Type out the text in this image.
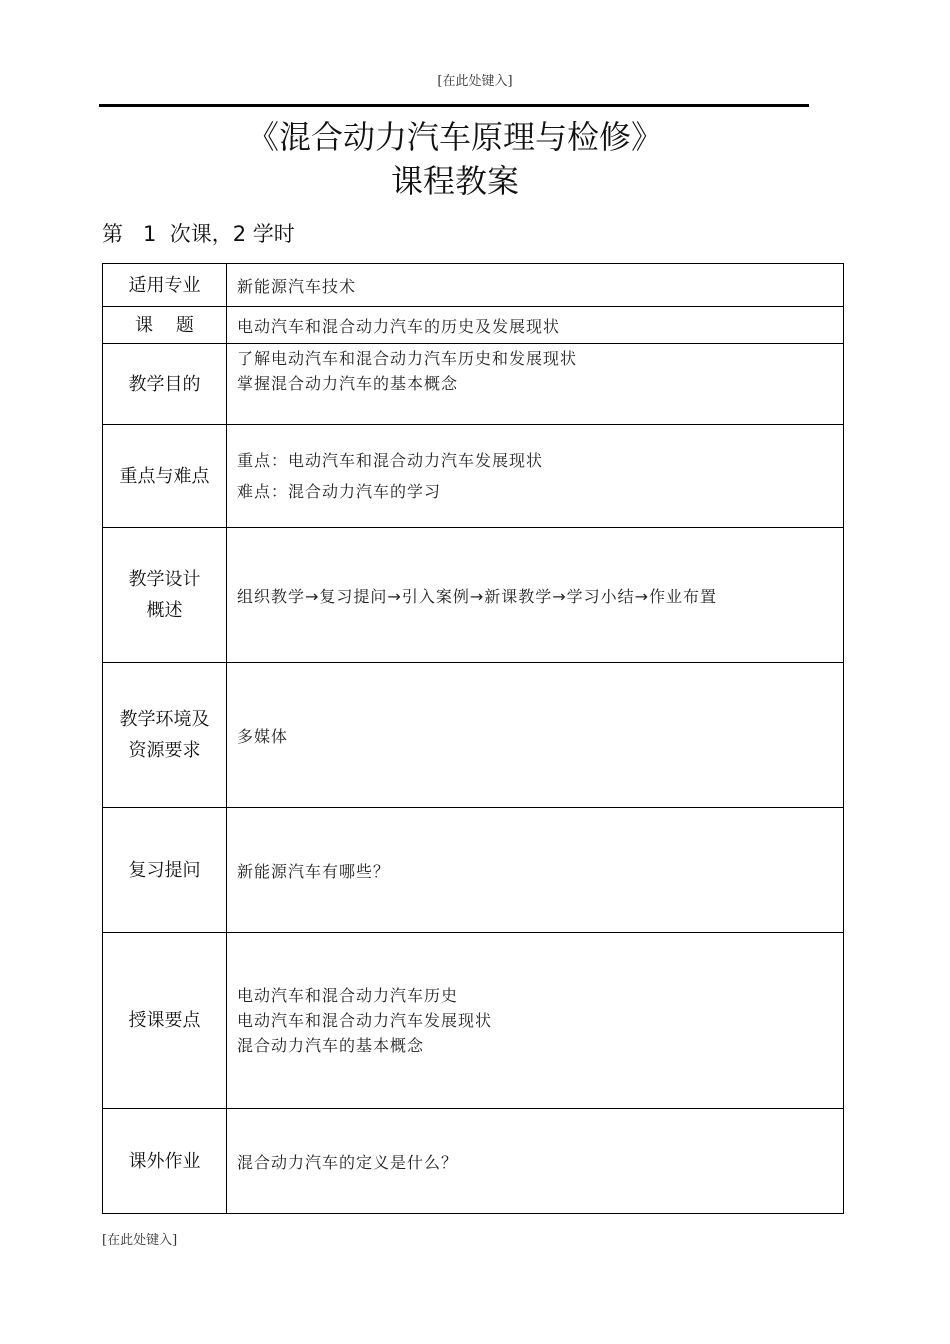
[在此处键入]
《混合动力汽车原理与检修》
课程教案
第   1  次课，2 学时
适用专业	新能源汽车技术

课    题	电动汽车和混合动力汽车的历史及发展现状

教学目的	了解电动汽车和混合动力汽车历史和发展现状
掌握混合动力汽车的基本概念

重点与难点	重点：电动汽车和混合动力汽车发展现状
难点：混合动力汽车的学习

教学设计
概述	组织教学→复习提问→引入案例→新课教学→学习小结→作业布置

教学环境及
资源要求	多媒体

复习提问	新能源汽车有哪些？

授课要点	电动汽车和混合动力汽车历史
电动汽车和混合动力汽车发展现状
混合动力汽车的基本概念

课外作业	混合动力汽车的定义是什么？
[在此处键入]
